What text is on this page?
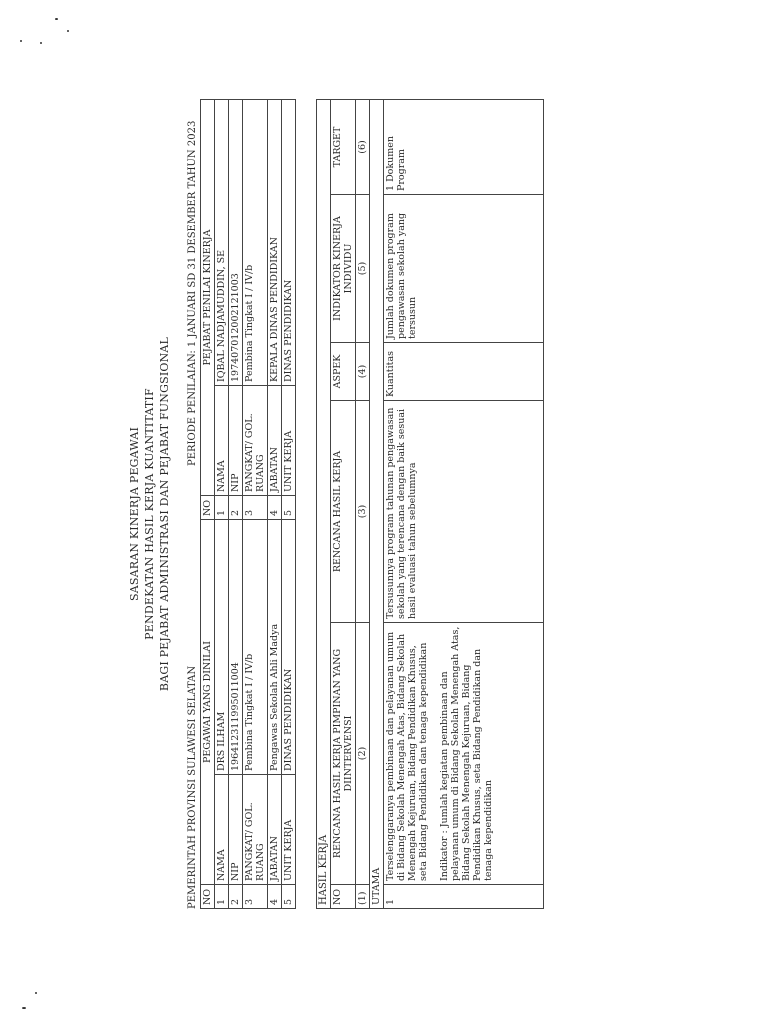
SASARAN KINERJA PEGAWAI PENDEKATAN HASIL KERJA KUANTITATIF BAGI PEJABAT ADMINISTRASI DAN PEJABAT FUNGSIONAL
PEMERINTAH PROVINSI SULAWESI SELATAN
PERIODE PENILAIAN: 1 JANUARI SD 31 DESEMBER TAHUN 2023
NO	PEGAWAI YANG DINILAI		NO	PEJABAT PENILAI KINERJA	
1	NAMA	DRS ILHAM	1	NAMA	IQBAL NADJAMUDDIN, SE
2	NIP	196412311995011004	2	NIP	197407012002121003
3	PANGKAT/ GOL. RUANG	Pembina Tingkat I / IV/b	3	PANGKAT/ GOL. RUANG	Pembina Tingkat I / IV/b
4	JABATAN	Pengawas Sekolah Ahli Madya	4	JABATAN	KEPALA DINAS PENDIDIKAN
5	UNIT KERJA	DINAS PENDIDIKAN	5	UNIT KERJA	DINAS PENDIDIKAN
HASIL KERJA					
NO	RENCANA HASIL KERJA PIMPINAN YANG DIINTERVENSI	RENCANA HASIL KERJA	ASPEK	INDIKATOR KINERJA INDIVIDU	TARGET
(1)	(2)	(3)	(4)	(5)	(6)
UTAMA					
1	Terselenggaranya pembinaan dan pelayanan umum di Bidang Sekolah Menengah Atas, Bidang Sekolah Menengah Kejuruan, Bidang Pendidikan Khusus, seta Bidang Pendidikan dan tenaga kependidikan Indikator : Jumlah kegiatan pembinaan dan pelayanan umum di Bidang Sekolah Menengah Atas, Bidang Sekolah Menengah Kejuruan, Bidang Pendidikan Khusus, seta Bidang Pendidikan dan tenaga kependidikan	Tersusunnya program tahunan pengawasan sekolah yang terencana dengan baik sesuai hasil evaluasi tahun sebelumnya	Kuantitas	Jumlah dokumen program pengawasan sekolah yang tersusun	1 Dokumen Program
